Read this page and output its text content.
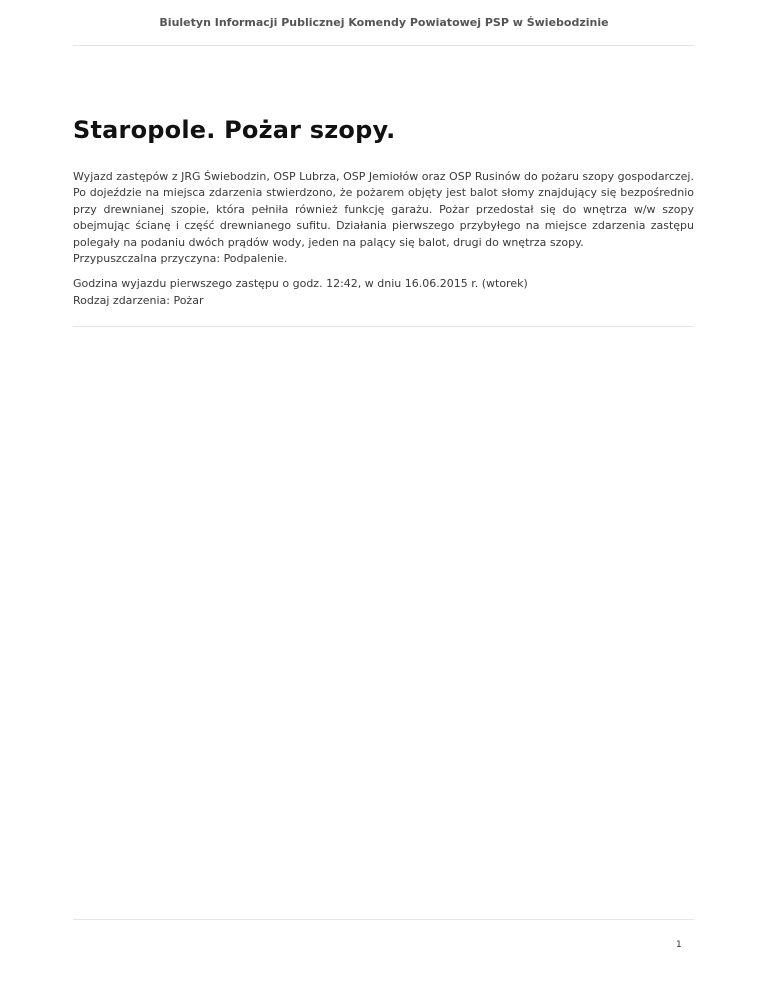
Biuletyn Informacji Publicznej Komendy Powiatowej PSP w Świebodzinie
Staropole. Pożar szopy.

Wyjazd zastępów z JRG Świebodzin, OSP Lubrza, OSP Jemiołów oraz OSP Rusinów do pożaru szopy gospodarczej. Po dojeździe na miejsca zdarzenia stwierdzono, że pożarem objęty jest balot słomy znajdujący się bezpośrednio przy drewnianej szopie, która pełniła również funkcję garażu. Pożar przedostał się do wnętrza w/w szopy obejmując ścianę i część drewnianego sufitu. Działania pierwszego przybyłego na miejsce zdarzenia zastępu polegały na podaniu dwóch prądów wody, jeden na palący się balot, drugi do wnętrza szopy.

Przypuszczalna przyczyna: Podpalenie.

Godzina wyjazdu pierwszego zastępu o godz. 12:42, w dniu 16.06.2015 r. (wtorek)

Rodzaj zdarzenia: Pożar

1
